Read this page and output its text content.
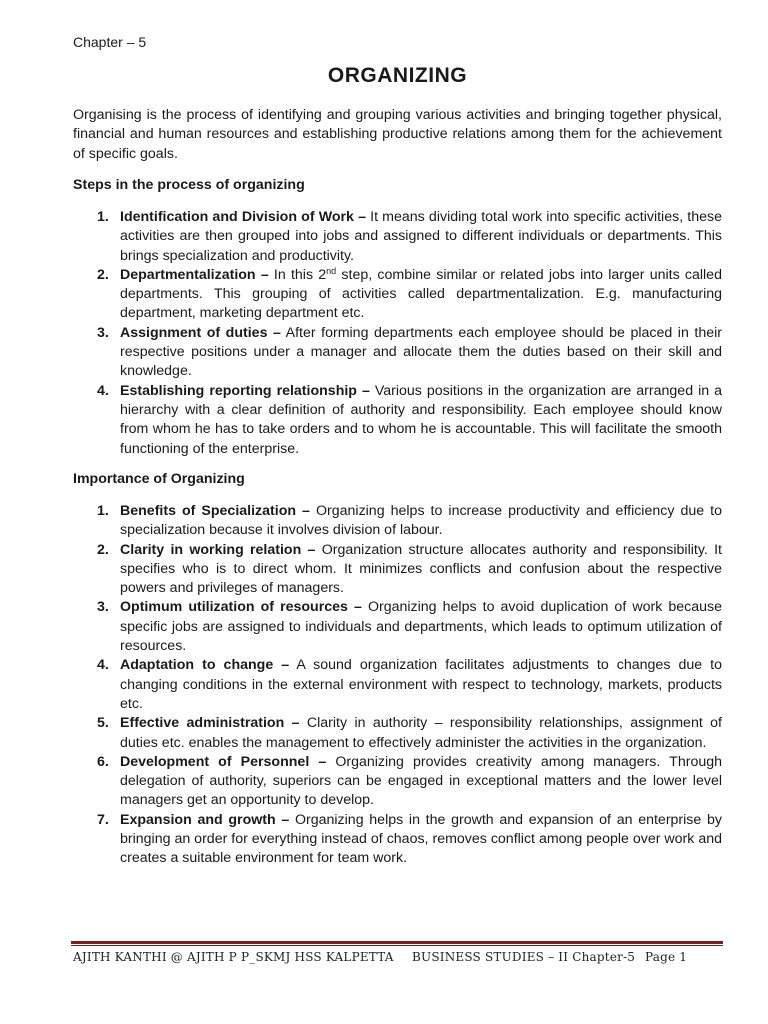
Chapter – 5
ORGANIZING
Organising is the process of identifying and grouping various activities and bringing together physical, financial and human resources and establishing productive relations among them for the achievement of specific goals.
Steps in the process of organizing
1. Identification and Division of Work – It means dividing total work into specific activities, these activities are then grouped into jobs and assigned to different individuals or departments. This brings specialization and productivity.
2. Departmentalization – In this 2nd step, combine similar or related jobs into larger units called departments. This grouping of activities called departmentalization. E.g. manufacturing department, marketing department etc.
3. Assignment of duties – After forming departments each employee should be placed in their respective positions under a manager and allocate them the duties based on their skill and knowledge.
4. Establishing reporting relationship – Various positions in the organization are arranged in a hierarchy with a clear definition of authority and responsibility. Each employee should know from whom he has to take orders and to whom he is accountable. This will facilitate the smooth functioning of the enterprise.
Importance of Organizing
1. Benefits of Specialization – Organizing helps to increase productivity and efficiency due to specialization because it involves division of labour.
2. Clarity in working relation – Organization structure allocates authority and responsibility. It specifies who is to direct whom. It minimizes conflicts and confusion about the respective powers and privileges of managers.
3. Optimum utilization of resources – Organizing helps to avoid duplication of work because specific jobs are assigned to individuals and departments, which leads to optimum utilization of resources.
4. Adaptation to change – A sound organization facilitates adjustments to changes due to changing conditions in the external environment with respect to technology, markets, products etc.
5. Effective administration – Clarity in authority – responsibility relationships, assignment of duties etc. enables the management to effectively administer the activities in the organization.
6. Development of Personnel – Organizing provides creativity among managers. Through delegation of authority, superiors can be engaged in exceptional matters and the lower level managers get an opportunity to develop.
7. Expansion and growth – Organizing helps in the growth and expansion of an enterprise by bringing an order for everything instead of chaos, removes conflict among people over work and creates a suitable environment for team work.
AJITH KANTHI @ AJITH P P_SKMJ HSS KALPETTA BUSINESS STUDIES – II Chapter-5 Page 1
